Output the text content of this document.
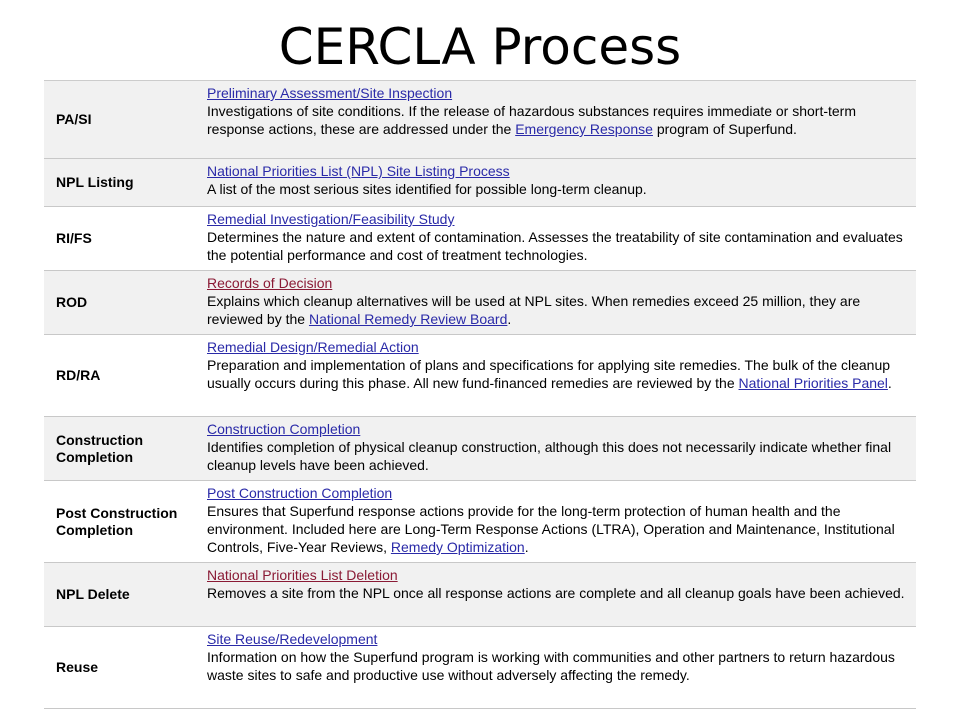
CERCLA Process
PA/SI
Preliminary Assessment/Site Inspection
Investigations of site conditions. If the release of hazardous substances requires immediate or short-term response actions, these are addressed under the Emergency Response program of Superfund.
NPL Listing
National Priorities List (NPL) Site Listing Process
A list of the most serious sites identified for possible long-term cleanup.
RI/FS
Remedial Investigation/Feasibility Study
Determines the nature and extent of contamination. Assesses the treatability of site contamination and evaluates the potential performance and cost of treatment technologies.
ROD
Records of Decision
Explains which cleanup alternatives will be used at NPL sites. When remedies exceed 25 million, they are reviewed by the National Remedy Review Board.
RD/RA
Remedial Design/Remedial Action
Preparation and implementation of plans and specifications for applying site remedies. The bulk of the cleanup usually occurs during this phase. All new fund-financed remedies are reviewed by the National Priorities Panel.
Construction Completion
Construction Completion
Identifies completion of physical cleanup construction, although this does not necessarily indicate whether final cleanup levels have been achieved.
Post Construction Completion
Post Construction Completion
Ensures that Superfund response actions provide for the long-term protection of human health and the environment. Included here are Long-Term Response Actions (LTRA), Operation and Maintenance, Institutional Controls, Five-Year Reviews, Remedy Optimization.
NPL Delete
National Priorities List Deletion
Removes a site from the NPL once all response actions are complete and all cleanup goals have been achieved.
Reuse
Site Reuse/Redevelopment
Information on how the Superfund program is working with communities and other partners to return hazardous waste sites to safe and productive use without adversely affecting the remedy.
